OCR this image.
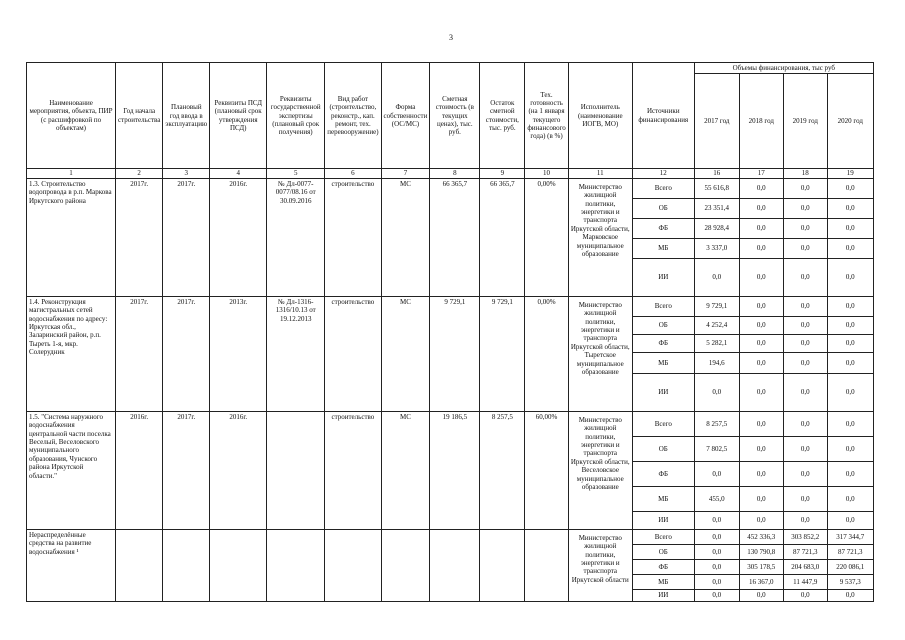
3
Наименование мероприятия, объекта, ПИР (с расшифровкой по объектам)	Год начала строительства	Плановый год ввода в эксплуатацию	Реквизиты ПСД (плановый срок утверждения ПСД)	Реквизиты государственной экспертизы (плановый срок получения)	Вид работ (строительство, реконстр., кап. ремонт, тех. перевооружение)	Форма собственности (ОС/МС)	Сметная стоимость (в текущих ценах), тыс. руб.	Остаток сметной стоимости, тыс. руб.	Тех. готовность (на 1 января текущего финансового года) (в %)	Исполнитель (наименование ИОГВ, МО)	Источники финансирования	Объемы финансирования, тыс руб			
												2017 год	2018 год	2019 год	2020 год
1	2	3	4	5	6	7	8	9	10	11	12	16	17	18	19
1.3. Строительство водопровода в р.п. Маркова Иркутского района	2017г.	2017г.	2016г.	№ Дл-0077-0077/08.16 от 30.09.2016	строительство	МС	66 365,7	66 365,7	0,00%	Министерство жилищной политики, энергетики и транспорта Иркутской области, Марковское муниципальное образование	Всего	55 616,8	0,0	0,0	0,0
											ОБ	23 351,4	0,0	0,0	0,0
											ФБ	28 928,4	0,0	0,0	0,0
											МБ	3 337,0	0,0	0,0	0,0
											ИИ	0,0	0,0	0,0	0,0
1.4. Реконструкция магистральных сетей водоснабжения по адресу: Иркутская обл., Заларинский район, р.п. Тыреть 1-я, мкр. Солерудник	2017г.	2017г.	2013г.	№ Дл-1316-1316/10.13 от 19.12.2013	строительство	МС	9 729,1	9 729,1	0,00%	Министерство жилищной политики, энергетики и транспорта Иркутской области, Тыретское муниципальное образование	Всего	9 729,1	0,0	0,0	0,0
											ОБ	4 252,4	0,0	0,0	0,0
											ФБ	5 282,1	0,0	0,0	0,0
											МБ	194,6	0,0	0,0	0,0
											ИИ	0,0	0,0	0,0	0,0
1.5. "Система наружного водоснабжения центральной части поселка Веселый, Веселовского муниципального образования, Чунского района Иркутской области."	2016г.	2017г.	2016г.		строительство	МС	19 186,5	8 257,5	60,00%	Министерство жилищной политики, энергетики и транспорта Иркутской области, Веселовское муниципальное образование	Всего	8 257,5	0,0	0,0	0,0
											ОБ	7 802,5	0,0	0,0	0,0
											ФБ	0,0	0,0	0,0	0,0
											МБ	455,0	0,0	0,0	0,0
											ИИ	0,0	0,0	0,0	0,0
Нераспределённые средства на развитие водоснабжения ¹										Министерство жилищной политики, энергетики и транспорта Иркутской области	Всего	0,0	452 336,3	303 852,2	317 344,7
											ОБ	0,0	130 790,8	87 721,3	87 721,3
											ФБ	0,0	305 178,5	204 683,0	220 086,1
											МБ	0,0	16 367,0	11 447,9	9 537,3
											ИИ	0,0	0,0	0,0	0,0
